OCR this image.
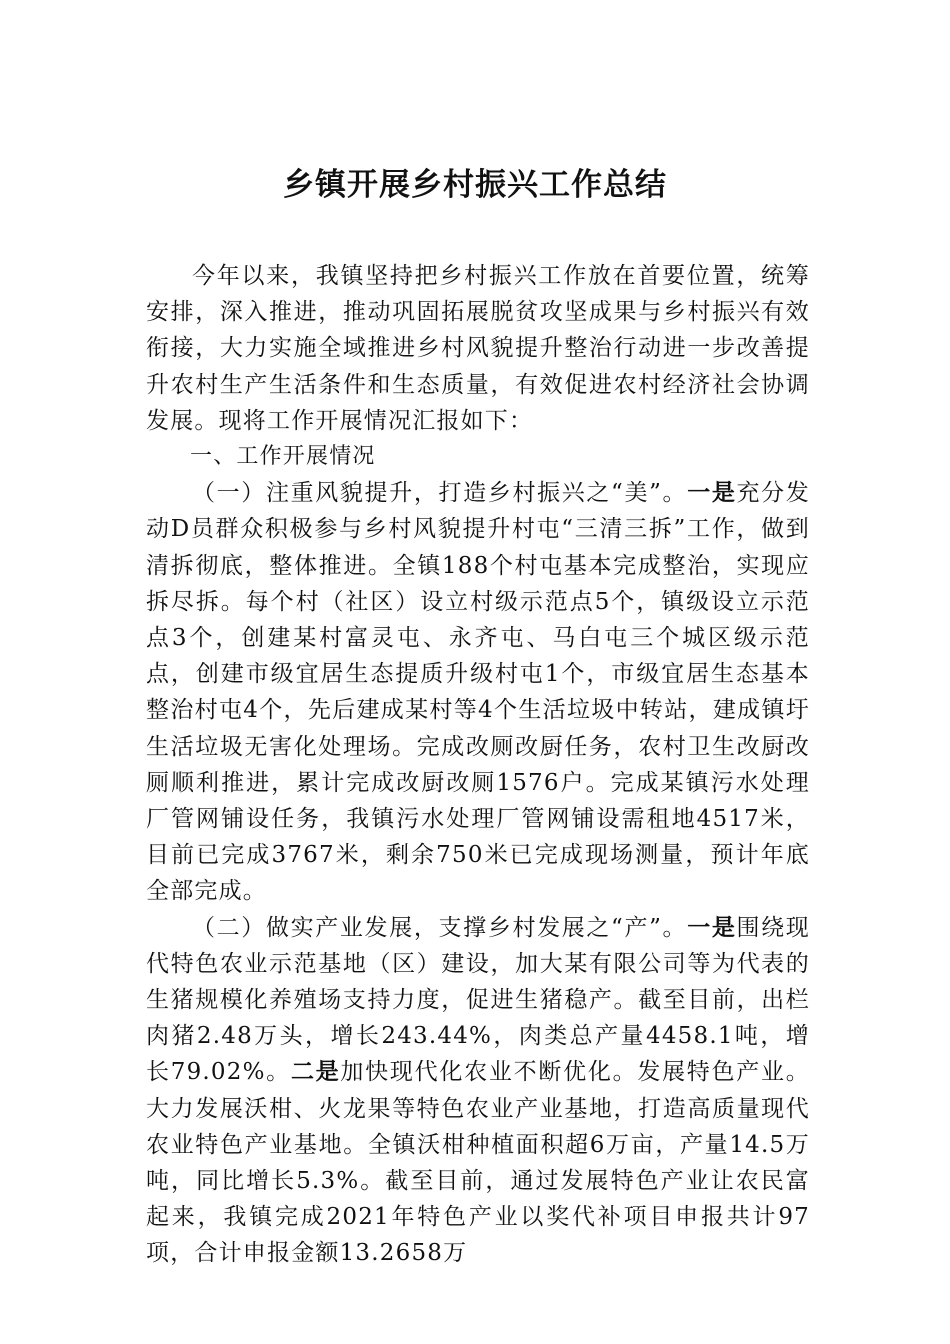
乡镇开展乡村振兴工作总结

今年以来，我镇坚持把乡村振兴工作放在首要位置，统筹安排，深入推进，推动巩固拓展脱贫攻坚成果与乡村振兴有效衔接，大力实施全域推进乡村风貌提升整治行动进一步改善提升农村生产生活条件和生态质量，有效促进农村经济社会协调发展。现将工作开展情况汇报如下：

一、工作开展情况

（一）注重风貌提升，打造乡村振兴之“美”。一是充分发动D员群众积极参与乡村风貌提升村屯“三清三拆”工作，做到清拆彻底，整体推进。全镇188个村屯基本完成整治，实现应拆尽拆。每个村（社区）设立村级示范点5个，镇级设立示范点3个，创建某村富灵屯、永齐屯、马白屯三个城区级示范点，创建市级宜居生态提质升级村屯1个，市级宜居生态基本整治村屯4个，先后建成某村等4个生活垃圾中转站，建成镇圩生活垃圾无害化处理场。完成改厕改厨任务，农村卫生改厨改厕顺利推进，累计完成改厨改厕1576户。完成某镇污水处理厂管网铺设任务，我镇污水处理厂管网铺设需租地4517米，目前已完成3767米，剩余750米已完成现场测量，预计年底全部完成。

（二）做实产业发展，支撑乡村发展之“产”。一是围绕现代特色农业示范基地（区）建设，加大某有限公司等为代表的生猪规模化养殖场支持力度，促进生猪稳产。截至目前，出栏肉猪2.48万头，增长243.44%，肉类总产量4458.1吨，增长79.02%。二是加快现代化农业不断优化。发展特色产业。大力发展沃柑、火龙果等特色农业产业基地，打造高质量现代农业特色产业基地。全镇沃柑种植面积超6万亩，产量14.5万吨，同比增长5.3%。截至目前，通过发展特色产业让农民富起来，我镇完成2021年特色产业以奖代补项目申报共计97项，合计申报金额13.2658万
